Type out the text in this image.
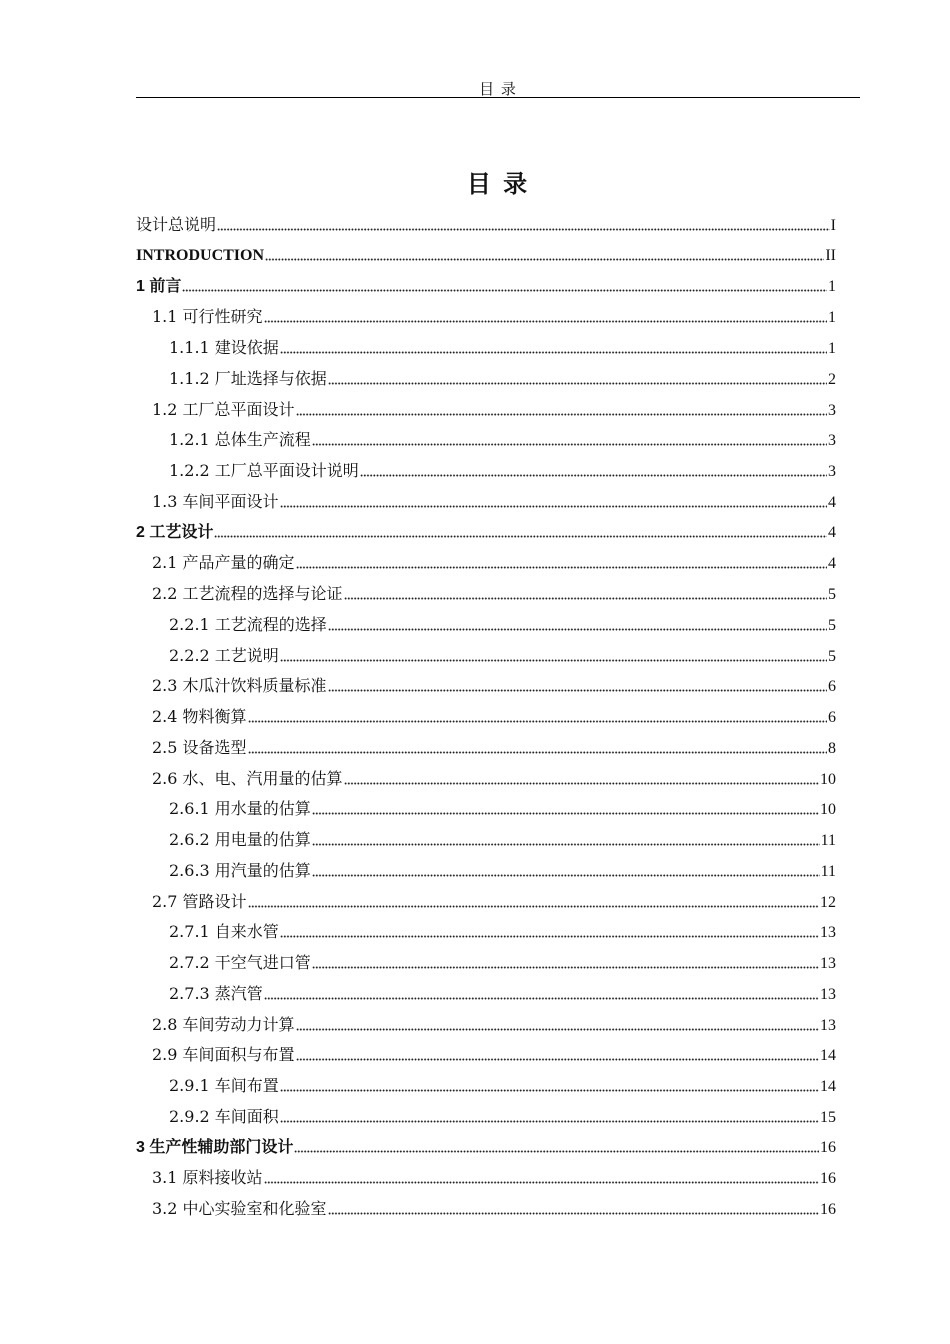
目 录
目 录
设计总说明	I
INTRODUCTION	II
1 前言	1
1.1 可行性研究	1
1.1.1 建设依据	1
1.1.2 厂址选择与依据	2
1.2 工厂总平面设计	3
1.2.1 总体生产流程	3
1.2.2 工厂总平面设计说明	3
1.3 车间平面设计	4
2 工艺设计	4
2.1 产品产量的确定	4
2.2 工艺流程的选择与论证	5
2.2.1 工艺流程的选择	5
2.2.2 工艺说明	5
2.3 木瓜汁饮料质量标准	6
2.4 物料衡算	6
2.5 设备选型	8
2.6 水、电、汽用量的估算	10
2.6.1 用水量的估算	10
2.6.2 用电量的估算	11
2.6.3 用汽量的估算	11
2.7 管路设计	12
2.7.1 自来水管	13
2.7.2 干空气进口管	13
2.7.3 蒸汽管	13
2.8 车间劳动力计算	13
2.9 车间面积与布置	14
2.9.1 车间布置	14
2.9.2 车间面积	15
3 生产性辅助部门设计	16
3.1 原料接收站	16
3.2 中心实验室和化验室	16
